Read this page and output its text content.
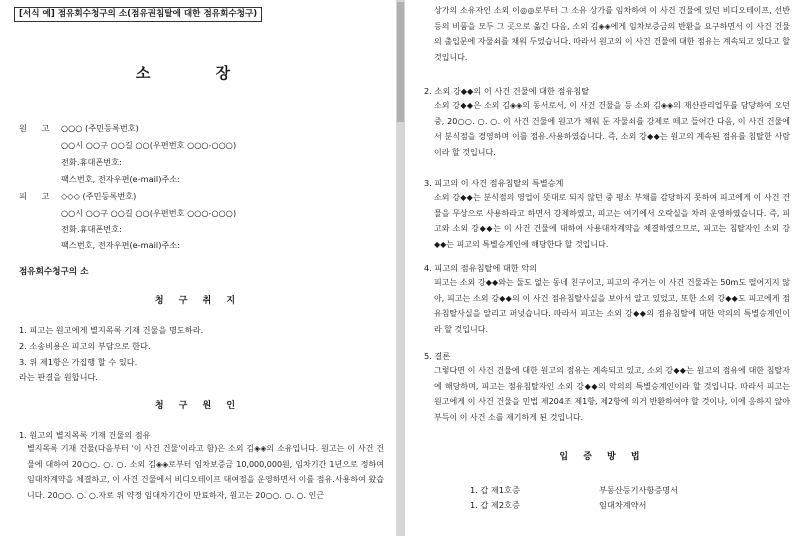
[서식 예] 점유회수청구의 소(점유권침탈에 대한 점유회수청구)
소 장
원 고 ○○○ (주민등록번호)
○○시 ○○구 ○○길 ○○(우편번호 ○○○-○○○)
전화․휴대폰번호:
팩스번호, 전자우편(e-mail)주소:
피 고 ◇◇◇ (주민등록번호)
○○시 ○○구 ○○길 ○○(우편번호 ○○○-○○○)
전화․휴대폰번호:
팩스번호, 전자우편(e-mail)주소:
점유회수청구의 소
청 구 취 지
1. 피고는 원고에게 별지목록 기재 건물을 명도하라.
2. 소송비용은 피고의 부담으로 한다.
3. 위 제1항은 가집행 할 수 있다.
라는 판결을 원합니다.
청 구 원 인
1. 원고의 별지목록 기재 건물의 점유
별지목록 기재 건물(다음부터 '이 사건 건물'이라고 함)은 소외 김◈◈의 소유입니다. 원고는 이 사건 건물에 대하여 20○○. ○. ○. 소외 김◈◈로부터 임차보증금 10,000,000원, 임차기간 1년으로 정하여 임대차계약을 체결하고, 이 사건 건물에서 비디오테이프 대여점을 운영하면서 이를 점유․사용하여 왔습니다. 20○○. ○. ○.자로 위 약정 임대차기간이 만료하자, 원고는 20○○. ○. ○. 인근
상가의 소유자인 소외 이◎◎로부터 그 소유 상가를 임차하여 이 사건 건물에 있던 비디오테이프, 선반 등의 비품을 모두 그 곳으로 옮긴 다음, 소외 김◈◈에게 임차보증금의 반환을 요구하면서 이 사건 건물의 출입문에 자물쇠를 채워 두었습니다. 따라서 원고의 이 사건 건물에 대한 점유는 계속되고 있다고 할 것입니다.
2. 소외 강◆◆의 이 사건 건물에 대한 점유침탈
소외 강◆◆은 소외 김◈◈의 동서로서, 이 사건 건물을 등 소외 김◈◈의 재산관리업무를 담당하여 오던 중, 20○○. ○. ○. 이 사건 건물에 원고가 채워 둔 자물쇠를 강제로 떼고 들어간 다음, 이 사건 건물에서 분식점을 경영하며 이를 점유․사용하였습니다. 즉, 소외 강◆◆는 원고의 계속된 점유를 침탈한 사람이라 할 것입니다.
3. 피고의 이 사건 점유침탈의 특별승계
소외 강◆◆는 분식점의 영업이 뜻대로 되지 않던 중 평소 부채를 감당하지 못하여 피고에게 이 사건 건물을 무상으로 사용하라고 하면서 강제하였고, 피고는 여기에서 오락실을 차려 운영하였습니다. 즉, 피고와 소외 강◆◆는 이 사건 건물에 대하여 사용대차계약을 체결하였으므로, 피고는 침탈자인 소외 강◆◆는 피고의 특별승계인에 해당한다 할 것입니다.
4. 피고의 점유침탈에 대한 악의
피고는 소외 강◆◆와는 둘도 없는 동네 친구이고, 피고의 주거는 이 사건 건물과는 50m도 떨어지지 않아, 피고는 소외 강◆◆의 이 사건 점유침탈사실을 보아서 알고 있었고, 또한 소외 강◆◆도 피고에게 점유침탈사실을 알리고 퍼넛습니다. 따라서 피고는 소외 강◆◆의 점유침탈에 대한 악의의 특별승계인이라 할 것입니다.
5. 결론
그렇다면 이 사건 건물에 대한 원고의 점유는 계속되고 있고, 소외 강◆◆는 원고의 점유에 대한 침탈자에 해당하며, 피고는 점유침탈자인 소외 강◆◆의 악의의 특별승계인이라 할 것입니다. 따라서 피고는 원고에게 이 사건 건물을 민법 제204조 제1항, 제2항에 의거 반환하여야 할 것이나, 이에 응하지 않아 부득이 이 사건 소를 제기하게 된 것입니다.
입 증 방 법
1. 갑 제1호증	부동산등기사항증명서
1. 갑 제2호증	임대차계약서
